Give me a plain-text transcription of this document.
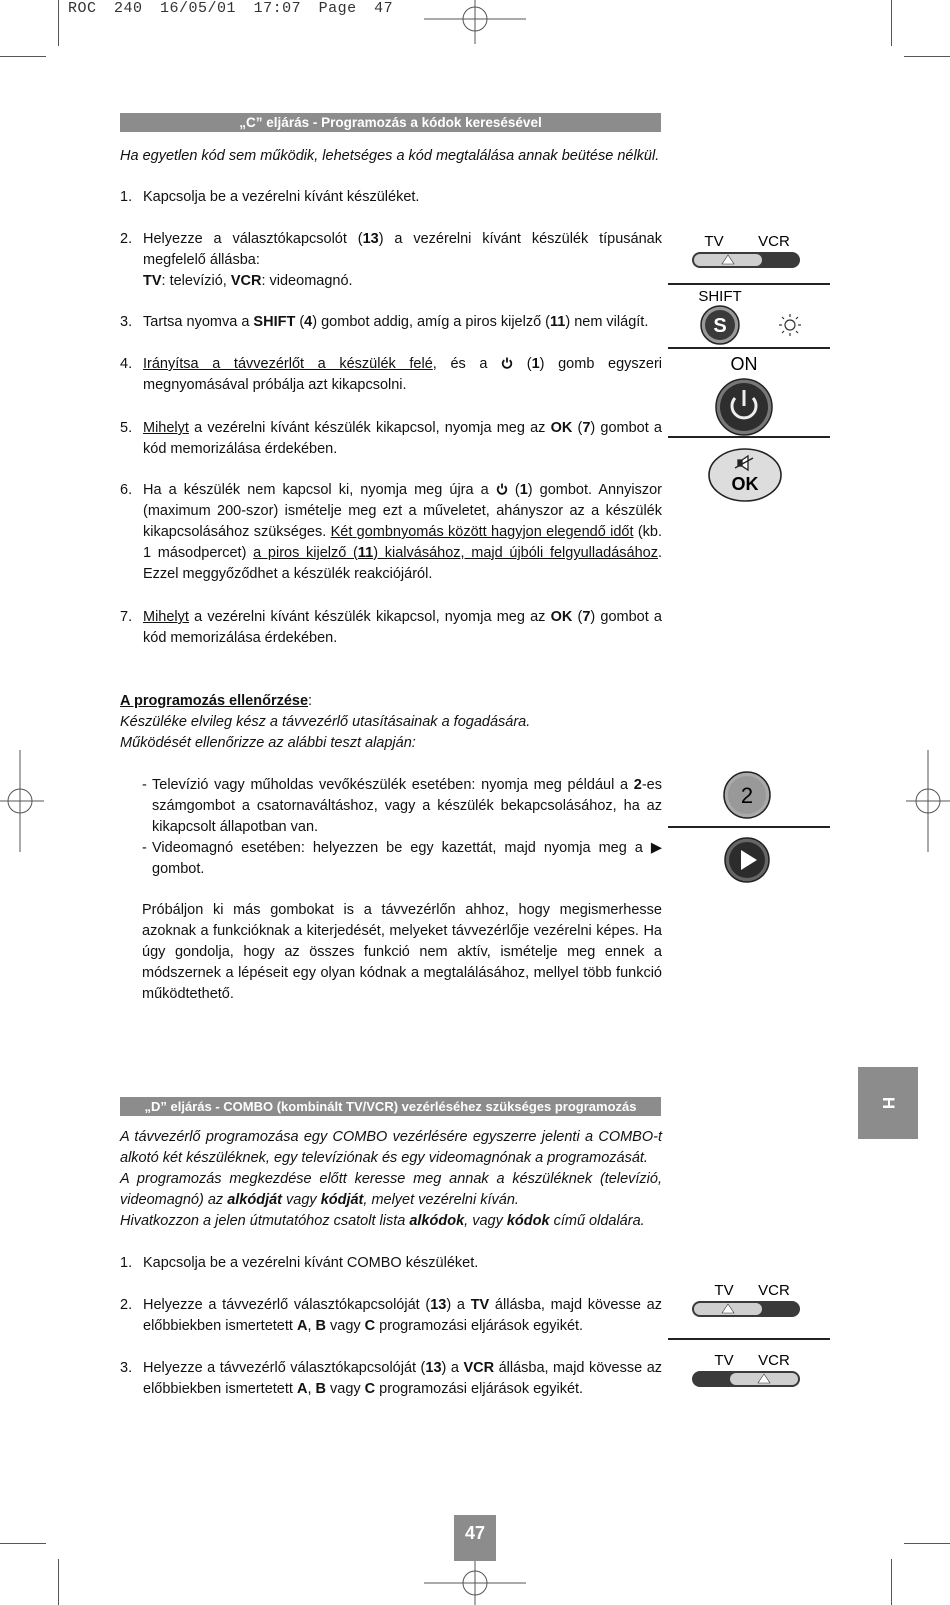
ROC 240 16/05/01 17:07 Page 47
„C” eljárás - Programozás a kódok keresésével
Ha egyetlen kód sem működik, lehetséges a kód megtalálása annak beütése nélkül.
1. Kapcsolja be a vezérelni kívánt készüléket.
2. Helyezze a választókapcsolót (13) a vezérelni kívánt készülék típusának megfelelő állásba:
TV: televízió, VCR: videomagnó.
3. Tartsa nyomva a SHIFT (4) gombot addig, amíg a piros kijelző (11) nem világít.
4. Irányítsa a távvezérlőt a készülék felé, és a  (1) gomb egyszeri megnyomásával próbálja azt kikapcsolni.
5. Mihelyt a vezérelni kívánt készülék kikapcsol, nyomja meg az OK (7) gombot a kód memorizálása érdekében.
6. Ha a készülék nem kapcsol ki, nyomja meg újra a  (1) gombot. Annyiszor (maximum 200-szor) ismételje meg ezt a műveletet, ahányszor az a készülék kikapcsolásához szükséges. Két gombnyomás között hagyjon elegendő időt (kb. 1 másodpercet) a piros kijelző (11) kialvásához, majd újbóli felgyulladásához. Ezzel meggyőződhet a készülék reakciójáról.
7. Mihelyt a vezérelni kívánt készülék kikapcsol, nyomja meg az OK (7) gombot a kód memorizálása érdekében.
A programozás ellenőrzése:
Készüléke elvileg kész a távvezérlő utasításainak a fogadására.
Működését ellenőrizze az alábbi teszt alapján:
- Televízió vagy műholdas vevőkészülék esetében: nyomja meg például a 2-es számgombot a csatornaváltáshoz, vagy a készülék bekapcsolásához, ha az kikapcsolt állapotban van.
- Videomagnó esetében: helyezzen be egy kazettát, majd nyomja meg a ▶ gombot.
Próbáljon ki más gombokat is a távvezérlőn ahhoz, hogy megismerhesse azoknak a funkcióknak a kiterjedését, melyeket távvezérlője vezérelni képes. Ha úgy gondolja, hogy az összes funkció nem aktív, ismételje meg ennek a módszernek a lépéseit egy olyan kódnak a megtalálásához, mellyel több funkció működtethető.
„D” eljárás - COMBO (kombinált TV/VCR) vezérléséhez szükséges programozás
A távvezérlő programozása egy COMBO vezérlésére egyszerre jelenti a COMBO-t alkotó két készüléknek, egy televíziónak és egy videomagnónak a programozását.
A programozás megkezdése előtt keresse meg annak a készüléknek (televízió, videomagnó) az alkódját vagy kódját, melyet vezérelni kíván.
Hivatkozzon a jelen útmutatóhoz csatolt lista alkódok, vagy kódok című oldalára.
1. Kapcsolja be a vezérelni kívánt COMBO készüléket.
2. Helyezze a távvezérlő választókapcsolóját (13) a TV állásba, majd kövesse az előbbiekben ismertetett A, B vagy C programozási eljárások egyikét.
3. Helyezze a távvezérlő választókapcsolóját (13) a VCR állásba, majd kövesse az előbbiekben ismertetett A, B vagy C programozási eljárások egyikét.
TV VCR
SHIFT
S
ON
OK
2
TV VCR
TV VCR
H
47
